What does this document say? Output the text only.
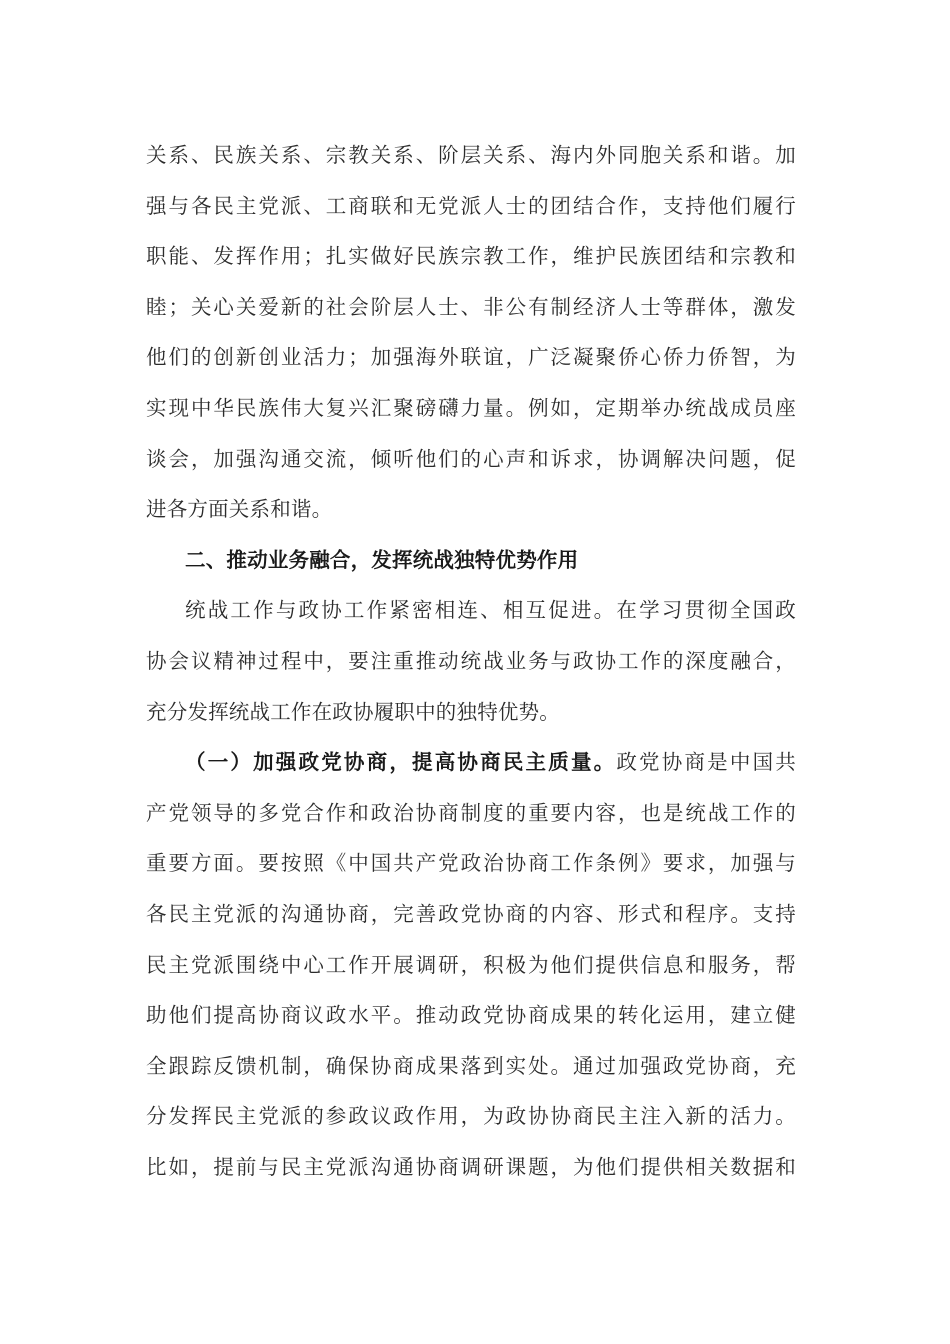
关系、民族关系、宗教关系、阶层关系、海内外同胞关系和谐。加
强与各民主党派、工商联和无党派人士的团结合作，支持他们履行
职能、发挥作用；扎实做好民族宗教工作，维护民族团结和宗教和
睦；关心关爱新的社会阶层人士、非公有制经济人士等群体，激发
他们的创新创业活力；加强海外联谊，广泛凝聚侨心侨力侨智，为
实现中华民族伟大复兴汇聚磅礴力量。例如，定期举办统战成员座
谈会，加强沟通交流，倾听他们的心声和诉求，协调解决问题，促
进各方面关系和谐。
二、推动业务融合，发挥统战独特优势作用
统战工作与政协工作紧密相连、相互促进。在学习贯彻全国政
协会议精神过程中，要注重推动统战业务与政协工作的深度融合，
充分发挥统战工作在政协履职中的独特优势。
（一）加强政党协商，提高协商民主质量。政党协商是中国共
产党领导的多党合作和政治协商制度的重要内容，也是统战工作的
重要方面。要按照《中国共产党政治协商工作条例》要求，加强与
各民主党派的沟通协商，完善政党协商的内容、形式和程序。支持
民主党派围绕中心工作开展调研，积极为他们提供信息和服务，帮
助他们提高协商议政水平。推动政党协商成果的转化运用，建立健
全跟踪反馈机制，确保协商成果落到实处。通过加强政党协商，充
分发挥民主党派的参政议政作用，为政协协商民主注入新的活力。
比如，提前与民主党派沟通协商调研课题，为他们提供相关数据和
